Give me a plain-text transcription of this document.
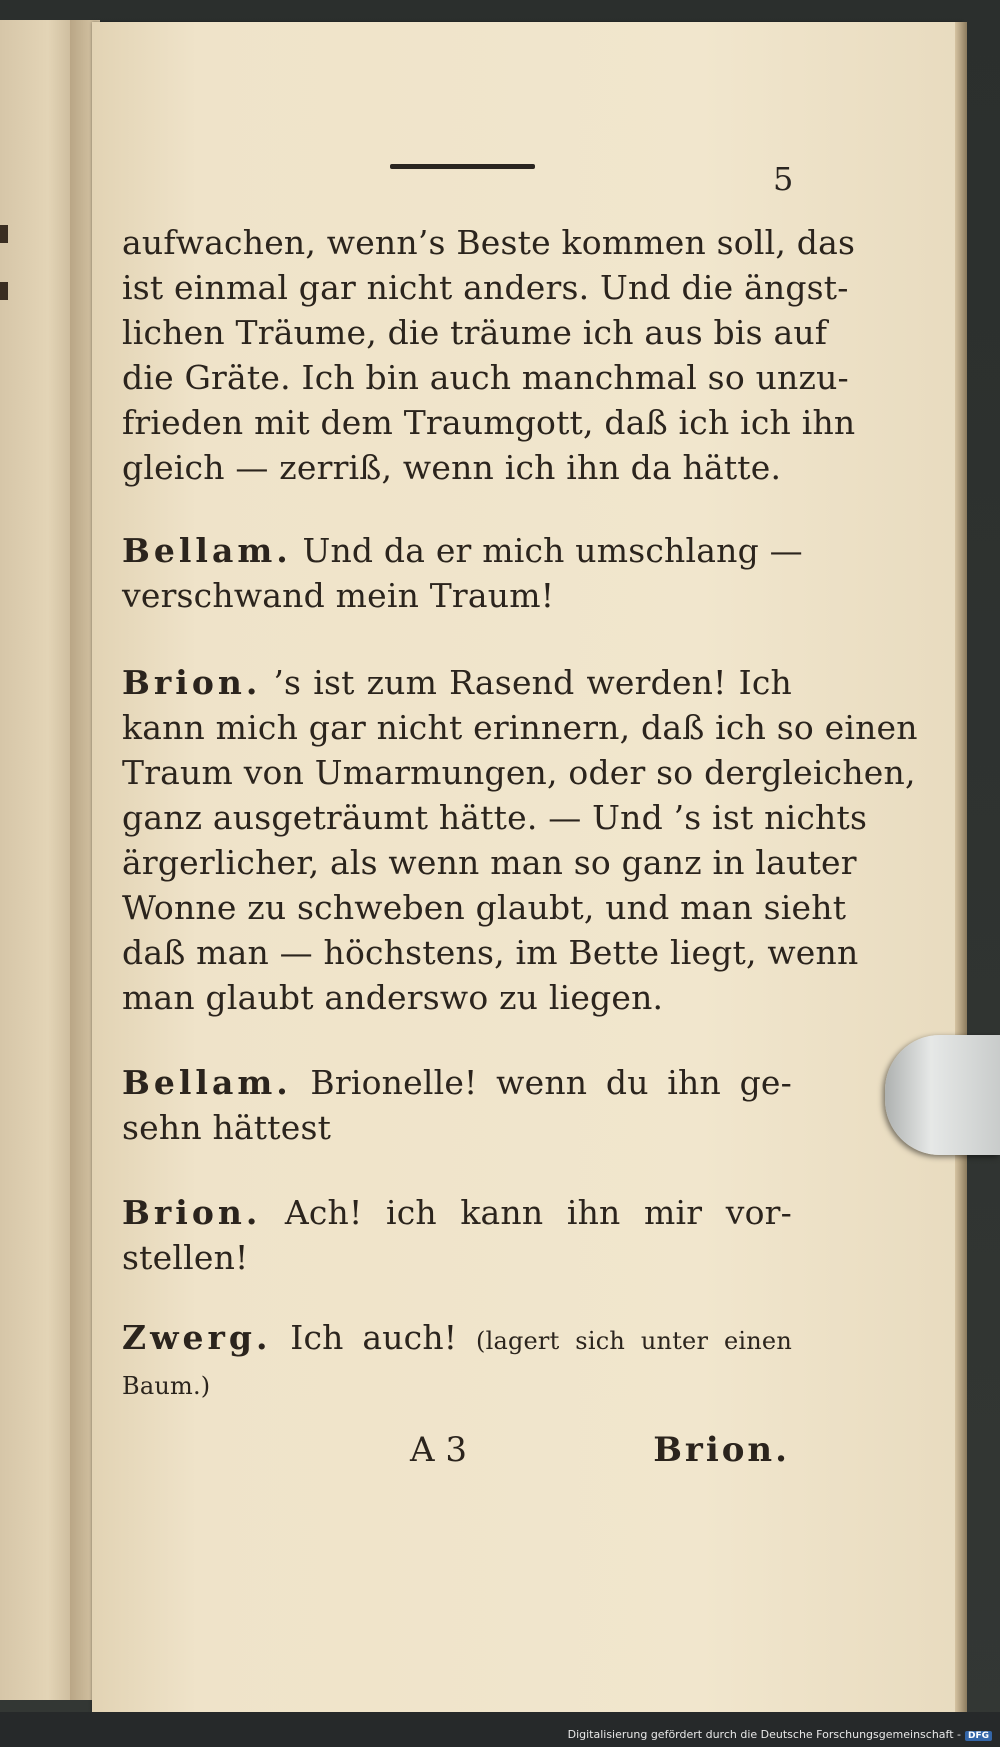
5
aufwachen, wenn’s Beste kommen soll, das
ist einmal gar nicht anders. Und die ängst-
lichen Träume, die träume ich aus bis auf
die Gräte. Ich bin auch manchmal so unzu-
frieden mit dem Traumgott, daß ich ich ihn
gleich — zerriß, wenn ich ihn da hätte.
Bellam. Und da er mich umschlang —
verschwand mein Traum!
Brion. ’s ist zum Rasend werden! Ich
kann mich gar nicht erinnern, daß ich so einen
Traum von Umarmungen, oder so dergleichen,
ganz ausgeträumt hätte. — Und ’s ist nichts
ärgerlicher, als wenn man so ganz in lauter
Wonne zu schweben glaubt, und man sieht
daß man — höchstens, im Bette liegt, wenn
man glaubt anderswo zu liegen.
Bellam. Brionelle! wenn du ihn ge-
sehn hättest
Brion. Ach! ich kann ihn mir vor-
stellen!
Zwerg. Ich auch! (lagert sich unter einen
Baum.)
A 3	Brion.
Digitalisierung gefördert durch die Deutsche Forschungsgemeinschaft - DFG
